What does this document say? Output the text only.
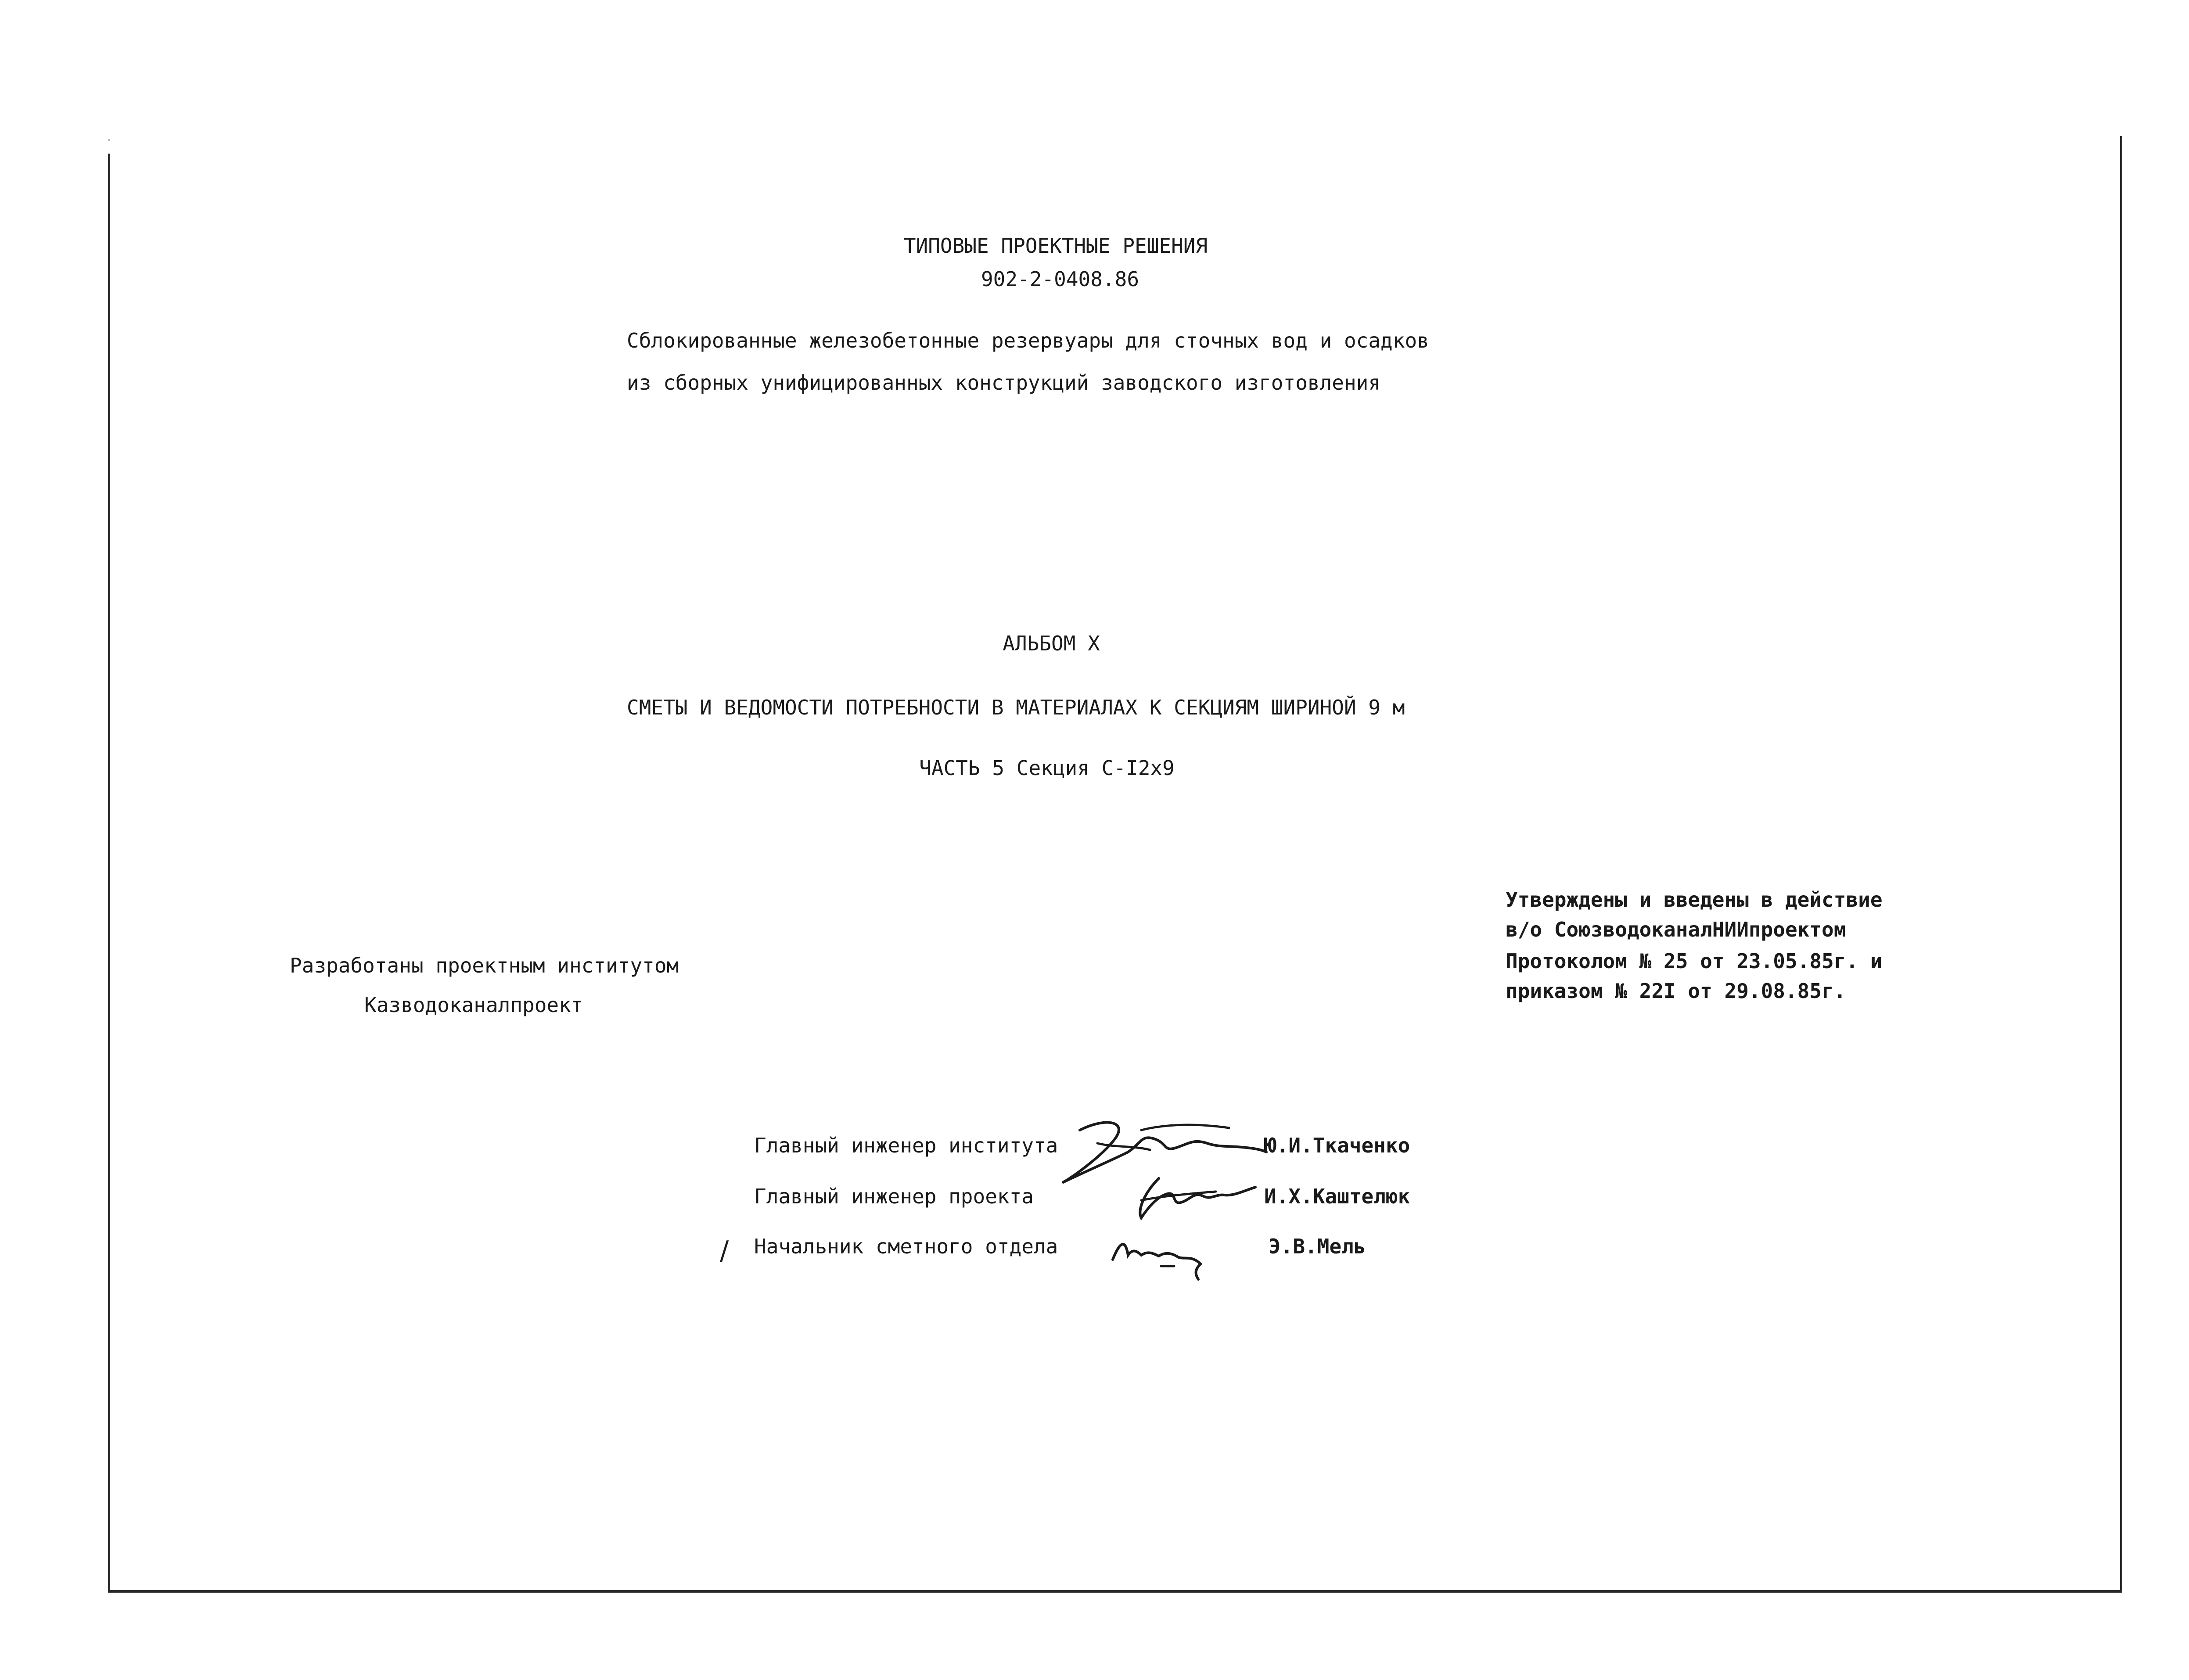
ТИПОВЫЕ ПРОЕКТНЫЕ РЕШЕНИЯ
902-2-0408.86
Сблокированные железобетонные резервуары для сточных вод и осадков
из сборных унифицированных конструкций заводского изготовления
АЛЬБОМ X
СМЕТЫ И ВЕДОМОСТИ ПОТРЕБНОСТИ В МАТЕРИАЛАХ К СЕКЦИЯМ ШИРИНОЙ 9 м
ЧАСТЬ 5 Секция С-I2х9
Разработаны проектным институтом
Казводоканалпроект
Утверждены и введены в действие
в/о СоюзводоканалНИИпроектом
Протоколом № 25 от 23.05.85г. и
приказом № 22I от 29.08.85г.
Главный инженер института	Ю.И.Ткаченко
Главный инженер проекта	И.Х.Каштелюк
/ Начальник сметного отдела	Э.В.Мель
